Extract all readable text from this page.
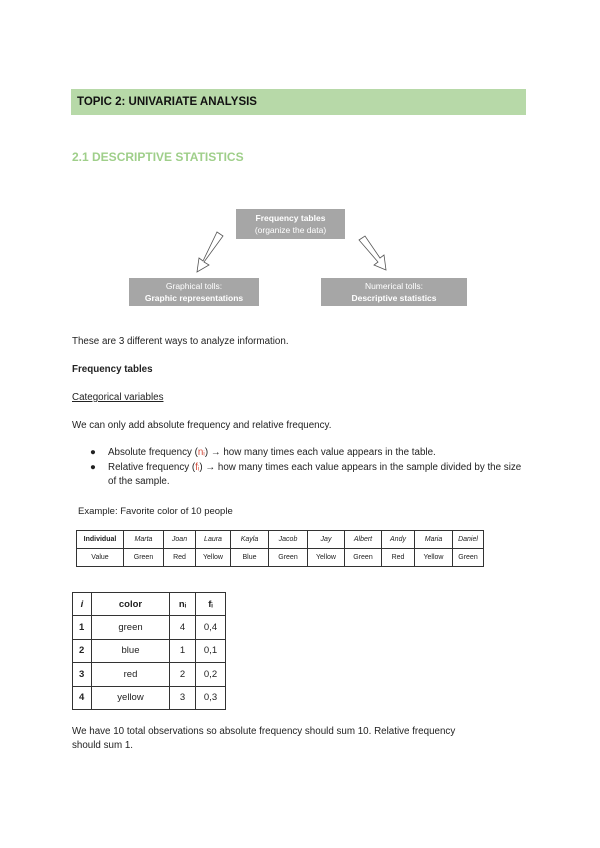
TOPIC 2: UNIVARIATE ANALYSIS
2.1 DESCRIPTIVE STATISTICS
Frequency tables
(organize the data)
Graphical tolls:
Graphic representations
Numerical tolls:
Descriptive statistics
These are 3 different ways to analyze information.
Frequency tables
Categorical variables
We can only add absolute frequency and relative frequency.
● Absolute frequency (nᵢ) → how many times each value appears in the table.
● Relative frequency (fᵢ) → how many times each value appears in the sample divided by the size of the sample.
Example: Favorite color of 10 people
Individual	Marta	Joan	Laura	Kayla	Jacob	Jay	Albert	Andy	Maria	Daniel
Value	Green	Red	Yellow	Blue	Green	Yellow	Green	Red	Yellow	Green
i	color	nᵢ	fᵢ
1	green	4	0,4
2	blue	1	0,1
3	red	2	0,2
4	yellow	3	0,3
We have 10 total observations so absolute frequency should sum 10. Relative frequency
should sum 1.
